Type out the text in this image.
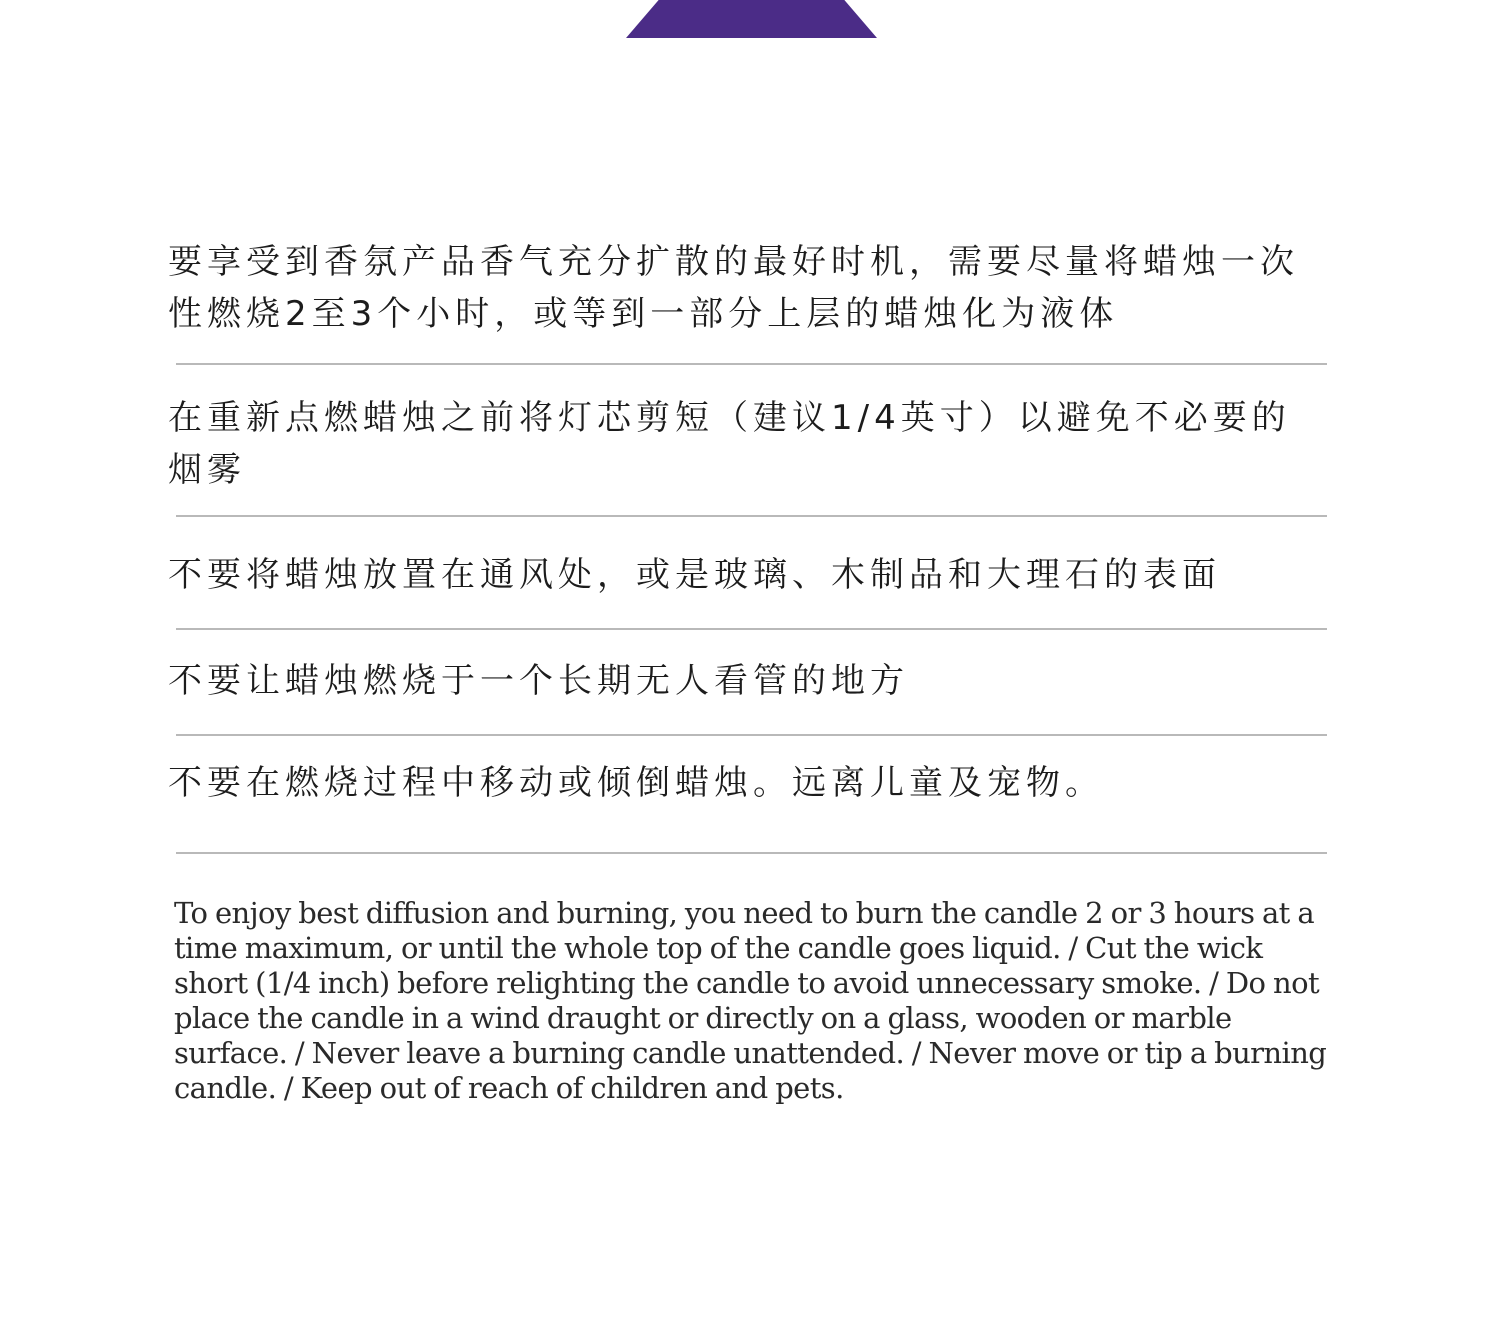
要享受到香氛产品香气充分扩散的最好时机，需要尽量将蜡烛一次性燃烧2至3个小时，或等到一部分上层的蜡烛化为液体
在重新点燃蜡烛之前将灯芯剪短（建议1/4英寸）以避免不必要的烟雾
不要将蜡烛放置在通风处，或是玻璃、木制品和大理石的表面
不要让蜡烛燃烧于一个长期无人看管的地方
不要在燃烧过程中移动或倾倒蜡烛。远离儿童及宠物。
To enjoy best diffusion and burning, you need to burn the candle 2 or 3 hours at a time maximum, or until the whole top of the candle goes liquid. / Cut the wick short (1/4 inch) before relighting the candle to avoid unnecessary smoke. / Do not place the candle in a wind draught or directly on a glass, wooden or marble surface. / Never leave a burning candle unattended. / Never move or tip a burning candle. / Keep out of reach of children and pets.
